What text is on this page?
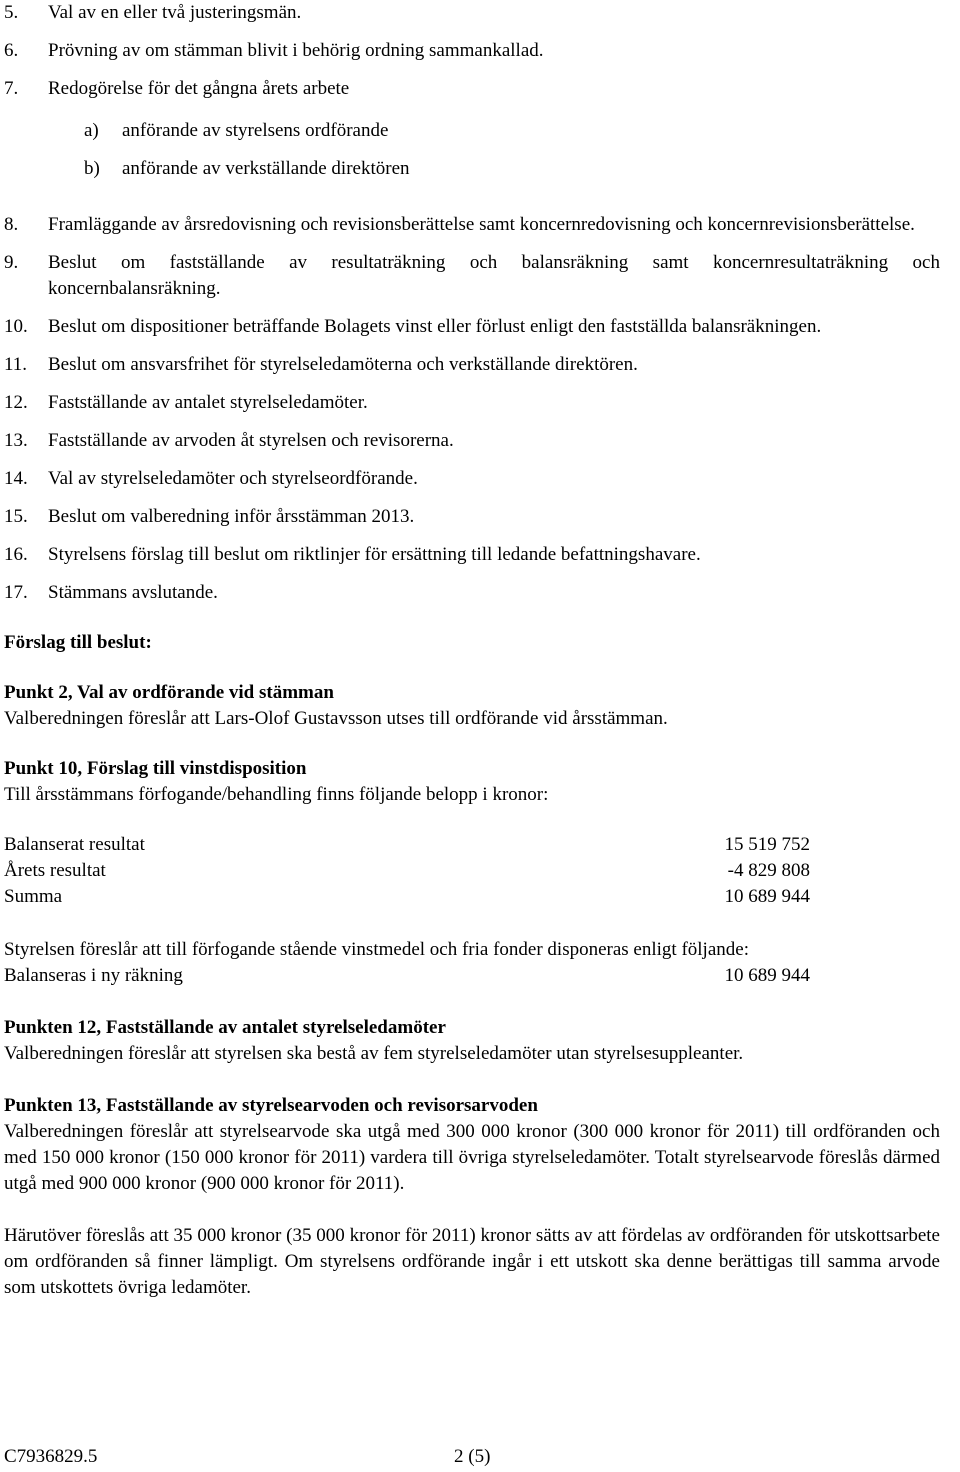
5. Val av en eller två justeringsmän.
6. Prövning av om stämman blivit i behörig ordning sammankallad.
7. Redogörelse för det gångna årets arbete
a) anförande av styrelsens ordförande
b) anförande av verkställande direktören
8. Framläggande av årsredovisning och revisionsberättelse samt koncernredovisning och koncernrevisionsberättelse.
9. Beslut om fastställande av resultaträkning och balansräkning samt koncernresultaträkning och koncernbalansräkning.
10. Beslut om dispositioner beträffande Bolagets vinst eller förlust enligt den fastställda balansräkningen.
11. Beslut om ansvarsfrihet för styrelseledamöterna och verkställande direktören.
12. Fastställande av antalet styrelseledamöter.
13. Fastställande av arvoden åt styrelsen och revisorerna.
14. Val av styrelseledamöter och styrelseordförande.
15. Beslut om valberedning inför årsstämman 2013.
16. Styrelsens förslag till beslut om riktlinjer för ersättning till ledande befattningshavare.
17. Stämmans avslutande.
Förslag till beslut:
Punkt 2, Val av ordförande vid stämman
Valberedningen föreslår att Lars-Olof Gustavsson utses till ordförande vid årsstämman.
Punkt 10, Förslag till vinstdisposition
Till årsstämmans förfogande/behandling finns följande belopp i kronor:
Balanserat resultat	15 519 752
Årets resultat	-4 829 808
Summa	10 689 944
Styrelsen föreslår att till förfogande stående vinstmedel och fria fonder disponeras enligt följande:
Balanseras i ny räkning	10 689 944
Punkten 12, Fastställande av antalet styrelseledamöter
Valberedningen föreslår att styrelsen ska bestå av fem styrelseledamöter utan styrelsesuppleanter.
Punkten 13, Fastställande av styrelsearvoden och revisorsarvoden
Valberedningen föreslår att styrelsearvode ska utgå med 300 000 kronor (300 000 kronor för 2011) till ordföranden och med 150 000 kronor (150 000 kronor för 2011) vardera till övriga styrelseledamöter. Totalt styrelsearvode föreslås därmed utgå med 900 000 kronor (900 000 kronor för 2011).
Härutöver föreslås att 35 000 kronor (35 000 kronor för 2011) kronor sätts av att fördelas av ordföranden för utskottsarbete om ordföranden så finner lämpligt. Om styrelsens ordförande ingår i ett utskott ska denne berättigas till samma arvode som utskottets övriga ledamöter.
C7936829.5	2 (5)
